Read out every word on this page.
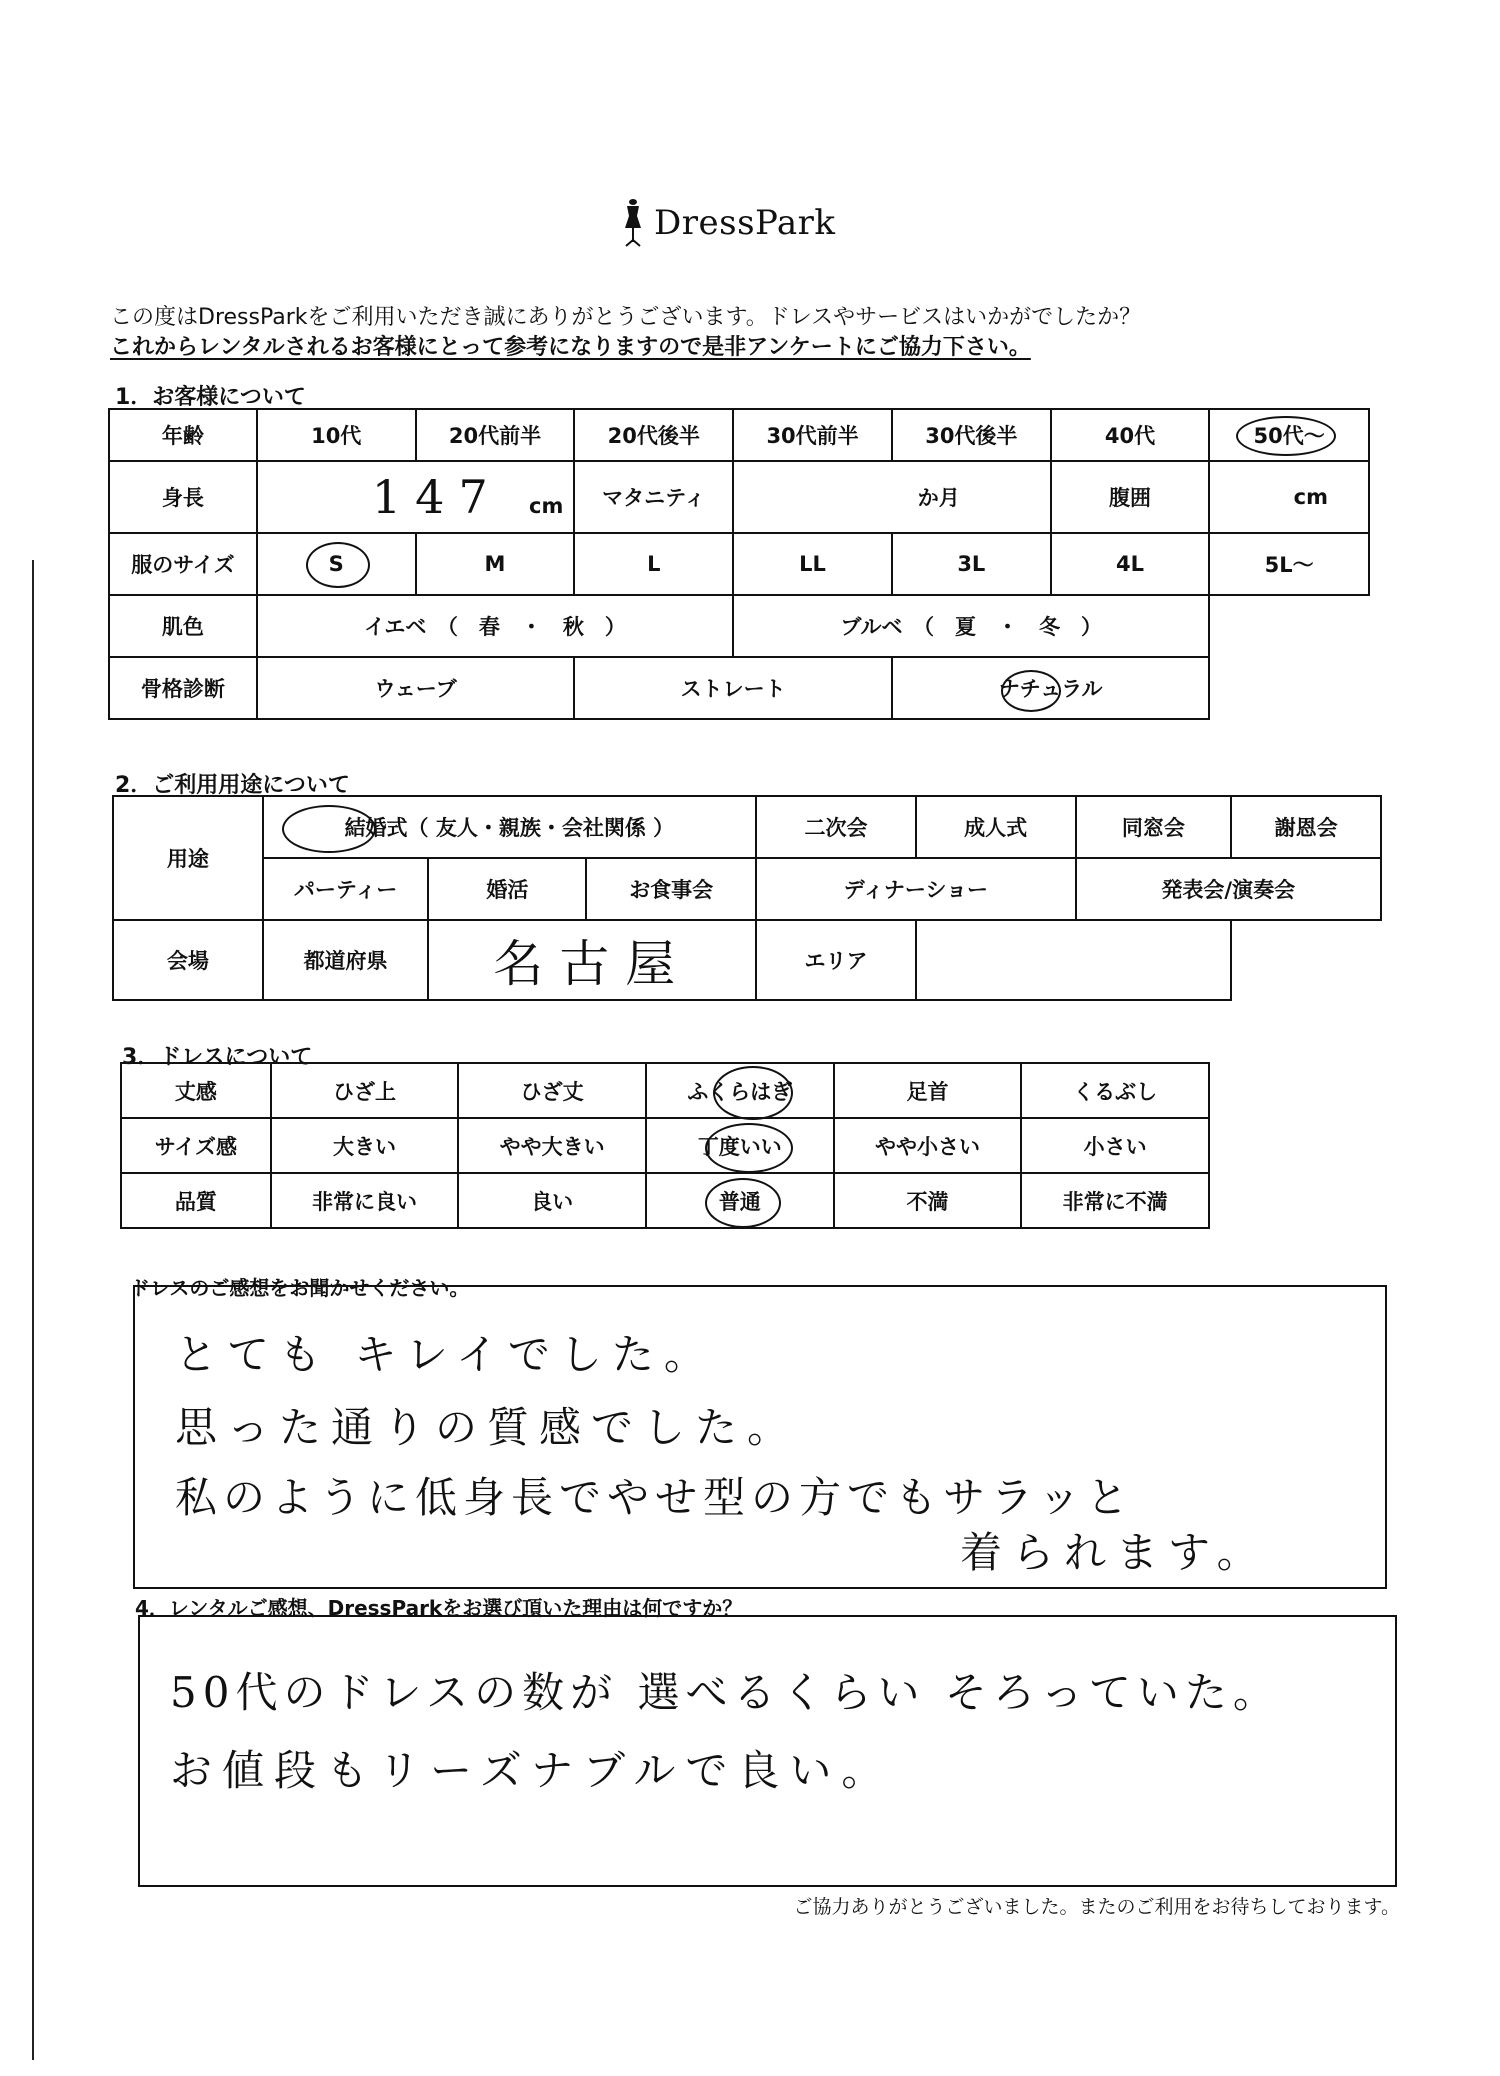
DressPark
この度はDressParkをご利用いただき誠にありがとうございます。ドレスやサービスはいかがでしたか？
これからレンタルされるお客様にとって参考になりますので是非アンケートにご協力下さい。
1．お客様について
年齢	10代	20代前半	20代後半	30代前半	30代後半	40代	50代～

身長	147 cm		マタニティ	か月		腹囲	cm
服のサイズ	S	M	L	LL	3L	4L	5L～
肌色	イエベ　（　春　・　秋　）			ブルベ　（　夏　・　冬　）			
骨格診断	ウェーブ		ストレート		ナチュラル	

2．ご利用用途について
用途	結婚式（ 友人・親族・会社関係 ）			二次会	成人式	同窓会	謝恩会
	パーティー	婚活	お食事会	ディナーショー		発表会/演奏会	
会場	都道府県	名古屋		エリア			
3．ドレスについて
丈感	ひざ上	ひざ丈	ふくらはぎ	足首	くるぶし
サイズ感	大きい	やや大きい	丁度いい	やや小さい	小さい
品質	非常に良い	良い	普通	不満	非常に不満
ドレスのご感想をお聞かせください。
とても キレイでした。
思った通りの質感でした。
私のように低身長でやせ型の方でもサラッと
着られます。
4．レンタルご感想、DressParkをお選び頂いた理由は何ですか？
50代のドレスの数が 選べるくらい そろっていた。
お値段もリーズナブルで良い。
ご協力ありがとうございました。またのご利用をお待ちしております。
